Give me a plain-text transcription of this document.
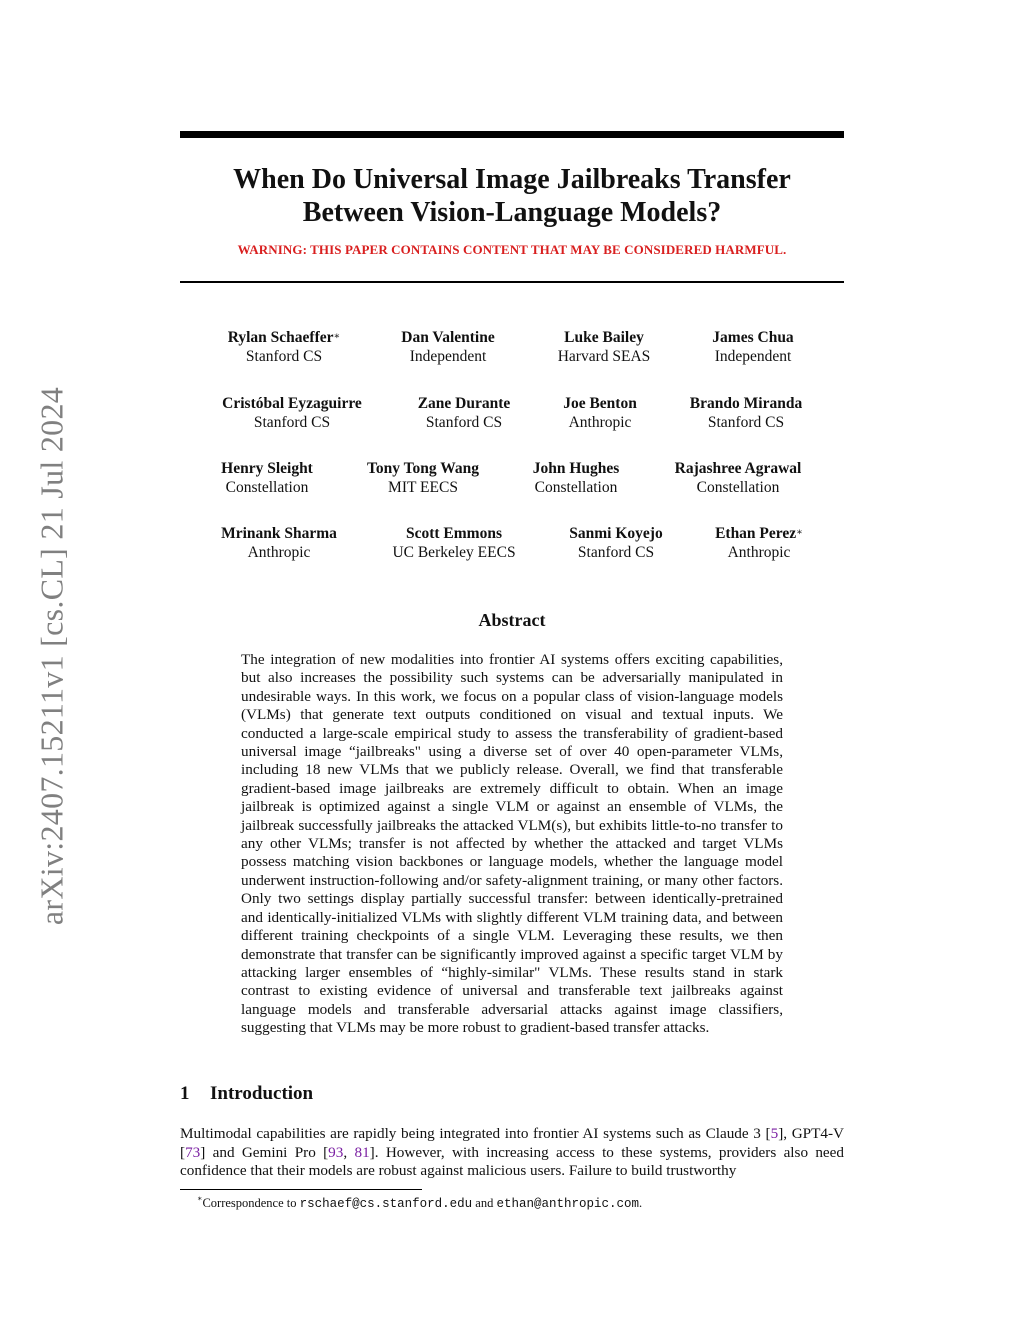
arXiv:2407.15211v1 [cs.CL] 21 Jul 2024
When Do Universal Image Jailbreaks Transfer
Between Vision-Language Models?
WARNING: THIS PAPER CONTAINS CONTENT THAT MAY BE CONSIDERED HARMFUL.
Rylan Schaeffer∗
Stanford CS
Dan Valentine
Independent
Luke Bailey
Harvard SEAS
James Chua
Independent
Cristóbal Eyzaguirre
Stanford CS
Zane Durante
Stanford CS
Joe Benton
Anthropic
Brando Miranda
Stanford CS
Henry Sleight
Constellation
Tony Tong Wang
MIT EECS
John Hughes
Constellation
Rajashree Agrawal
Constellation
Mrinank Sharma
Anthropic
Scott Emmons
UC Berkeley EECS
Sanmi Koyejo
Stanford CS
Ethan Perez∗
Anthropic
Abstract

The integration of new modalities into frontier AI systems offers exciting capabilities, but also increases the possibility such systems can be adversarially manipulated in undesirable ways. In this work, we focus on a popular class of vision-language models (VLMs) that generate text outputs conditioned on visual and textual inputs. We conducted a large-scale empirical study to assess the transferability of gradient-based universal image “jailbreaks" using a diverse set of over 40 open-parameter VLMs, including 18 new VLMs that we publicly release. Overall, we find that transferable gradient-based image jailbreaks are extremely difficult to obtain. When an image jailbreak is optimized against a single VLM or against an ensemble of VLMs, the jailbreak successfully jailbreaks the attacked VLM(s), but exhibits little-to-no transfer to any other VLMs; transfer is not affected by whether the attacked and target VLMs possess matching vision backbones or language models, whether the language model underwent instruction-following and/or safety-alignment training, or many other factors. Only two settings display partially successful transfer: between identically-pretrained and identically-initialized VLMs with slightly different VLM training data, and between different training checkpoints of a single VLM. Leveraging these results, we then demonstrate that transfer can be significantly improved against a specific target VLM by attacking larger ensembles of “highly-similar" VLMs. These results stand in stark contrast to existing evidence of universal and transferable text jailbreaks against language models and transferable adversarial attacks against image classifiers, suggesting that VLMs may be more robust to gradient-based transfer attacks.

1 Introduction

Multimodal capabilities are rapidly being integrated into frontier AI systems such as Claude 3 [5], GPT4-V [73] and Gemini Pro [93, 81]. However, with increasing access to these systems, providers also need confidence that their models are robust against malicious users. Failure to build trustworthy

∗Correspondence to rschaef@cs.stanford.edu and ethan@anthropic.com.
